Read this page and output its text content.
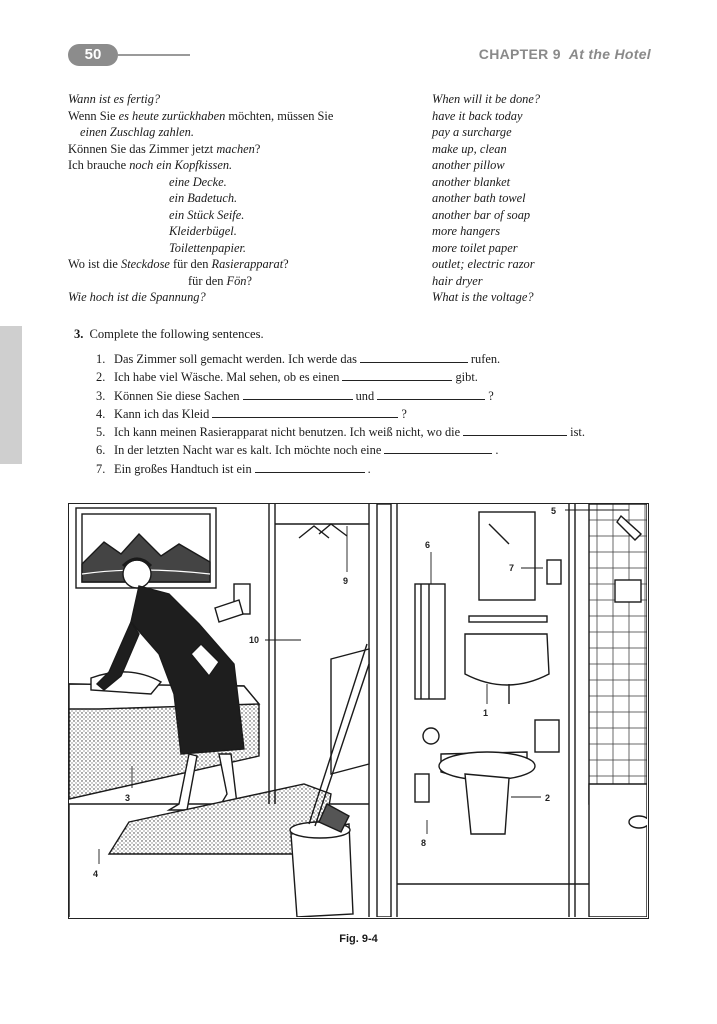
50	CHAPTER 9 At the Hotel
Wann ist es fertig?	When will it be done?
Wenn Sie es heute zurückhaben möchten, müssen Sie	have it back today
einen Zuschlag zahlen.	pay a surcharge
Können Sie das Zimmer jetzt machen?	make up, clean
Ich brauche noch ein Kopfkissen.	another pillow
eine Decke.	another blanket
ein Badetuch.	another bath towel
ein Stück Seife.	another bar of soap
Kleiderbügel.	more hangers
Toilettenpapier.	more toilet paper
Wo ist die Steckdose für den Rasierapparat?	outlet; electric razor
für den Fön?	hair dryer
Wie hoch ist die Spannung?	What is the voltage?
3. Complete the following sentences.
1. Das Zimmer soll gemacht werden. Ich werde das	rufen.
2. Ich habe viel Wäsche. Mal sehen, ob es einen	gibt.
3. Können Sie diese Sachen	und	?
4. Kann ich das Kleid	?
5. Ich kann meinen Rasierapparat nicht benutzen. Ich weiß nicht, wo die	ist.
6. In der letzten Nacht war es kalt. Ich möchte noch eine	.
7. Ein großes Handtuch ist ein	.
1
2
3
4
5
6
7
8
9
10
Fig. 9-4
